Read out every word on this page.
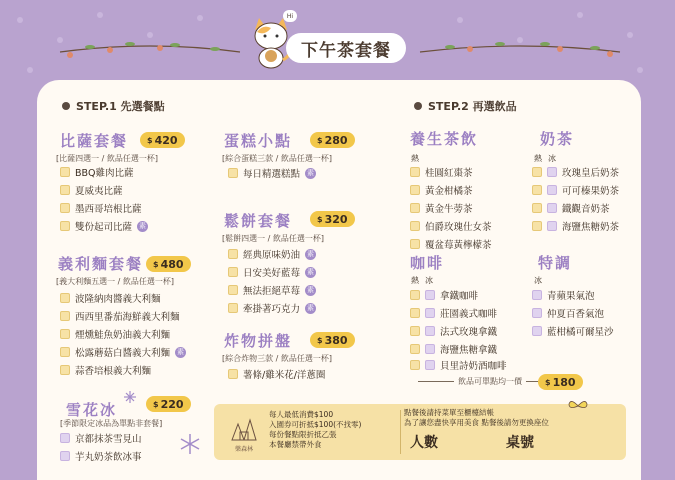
Hi
下午茶套餐
STEP.1 先選餐點	STEP.2 再選飲品
比薩套餐 $ 420
[比薩四選一 / 飲品任選一杯]
BBQ雞肉比薩
夏威夷比薩
墨西哥培根比薩
雙份起司比薩 素
義利麵套餐 $ 480
[義大利麵五選一 / 飲品任選一杯]
波隆納肉醬義大利麵
西西里番茄海鮮義大利麵
煙燻鮭魚奶油義大利麵
松露蘑菇白醬義大利麵 素
蒜香培根義大利麵
雪花冰	$ 220
[季節限定冰品為單點非套餐]
京都抹茶雪見山
芋丸奶茶飲冰事
蛋糕小點	$ 280
[綜合蛋糕三款 / 飲品任選一杯]
每日精選糕點 素
鬆餅套餐	$ 320
[鬆餅四選一 / 飲品任選一杯]
經典原味奶油 素
日安美好藍莓 素
無法拒絕草莓 素
牽掛著巧克力 素
炸物拼盤	$ 380
[綜合炸物三款 / 飲品任選一杯]
薯條/雞米花/洋蔥圈
養生茶飲
熱
桂圓紅棗茶
黃金柑橘茶
黃金牛蒡茶
伯爵玫瑰仕女茶
覆盆莓黃檸檬茶
奶茶
熱 冰
玫瑰皇后奶茶
可可榛果奶茶
鐵觀音奶茶
海鹽焦糖奶茶
咖啡
熱 冰
拿鐵咖啡
莊園義式咖啡
法式玫瑰拿鐵
海鹽焦糖拿鐵
貝里詩奶酒咖啡
特調
冰
青蘋果氣泡
仲夏百香氣泡
藍柑橘可爾星沙
飲品可單點均一價	$ 180
樂森林
每人最低消費$100
入園券可折抵$100(不找零)
每份餐點限折抵乙張
本餐廳禁帶外食
點餐後請持菜單至櫃檯結帳
為了讓您盡快享用美食 點餐後請勿更換座位
人數	桌號
